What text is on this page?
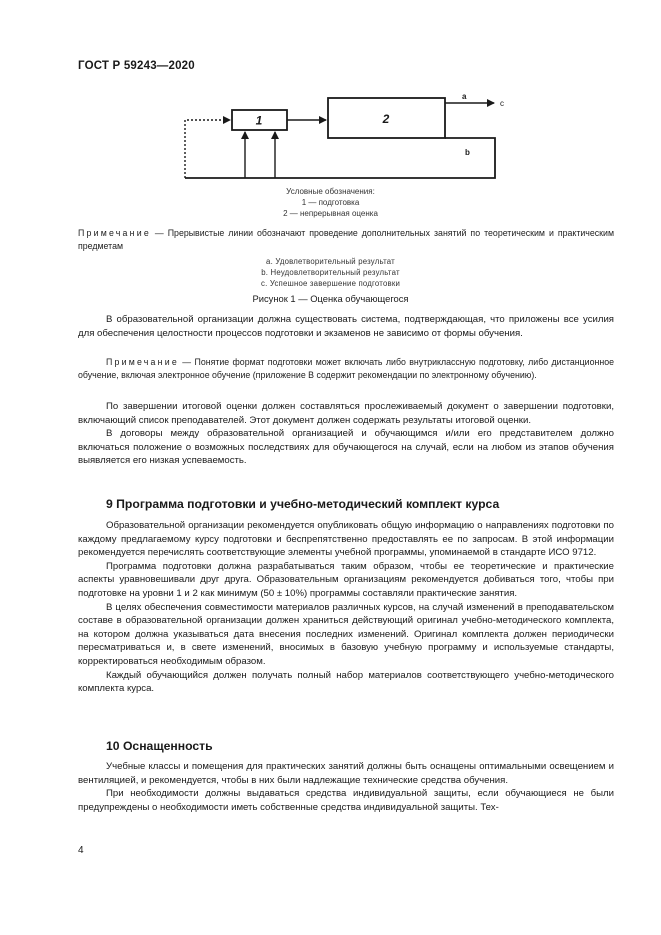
ГОСТ Р 59243—2020
1	2
a
c
b
Условные обозначения:
1 — подготовка
2 — непрерывная оценка
Примечание — Прерывистые линии обозначают проведение дополнительных занятий по теоретическим и практическим предметам
a. Удовлетворительный результат
b. Неудовлетворительный результат
c. Успешное завершение подготовки
Рисунок 1 — Оценка обучающегося

В образовательной организации должна существовать система, подтверждающая, что приложены все усилия для обеспечения целостности процессов подготовки и экзаменов не зависимо от формы обучения.

Примечание — Понятие формат подготовки может включать либо внутриклассную подготовку, либо дистанционное обучение, включая электронное обучение (приложение В содержит рекомендации по электронному обучению).

По завершении итоговой оценки должен составляться прослеживаемый документ о завершении подготовки, включающий список преподавателей. Этот документ должен содержать результаты итоговой оценки.

В договоры между образовательной организацией и обучающимся и/или его представителем должно включаться положение о возможных последствиях для обучающегося на случай, если на любом из этапов обучения выявляется его низкая успеваемость.

9 Программа подготовки и учебно-методический комплект курса

Образовательной организации рекомендуется опубликовать общую информацию о направлениях подготовки по каждому предлагаемому курсу подготовки и беспрепятственно предоставлять ее по запросам. В этой информации рекомендуется перечислять соответствующие элементы учебной программы, упоминаемой в стандарте ИСО 9712.

Программа подготовки должна разрабатываться таким образом, чтобы ее теоретические и практические аспекты уравновешивали друг друга. Образовательным организациям рекомендуется добиваться того, чтобы при подготовке на уровни 1 и 2 как минимум (50 ± 10%) программы составляли практические занятия.

В целях обеспечения совместимости материалов различных курсов, на случай изменений в преподавательском составе в образовательной организации должен храниться действующий оригинал учебно-методического комплекта, на котором должна указываться дата внесения последних изменений. Оригинал комплекта должен периодически пересматриваться и, в свете изменений, вносимых в базовую учебную программу и используемые стандарты, корректироваться необходимым образом.

Каждый обучающийся должен получать полный набор материалов соответствующего учебно-методического комплекта курса.

10 Оснащенность

Учебные классы и помещения для практических занятий должны быть оснащены оптимальными освещением и вентиляцией, и рекомендуется, чтобы в них были надлежащие технические средства обучения.

При необходимости должны выдаваться средства индивидуальной защиты, если обучающиеся не были предупреждены о необходимости иметь собственные средства индивидуальной защиты. Тех-

4
